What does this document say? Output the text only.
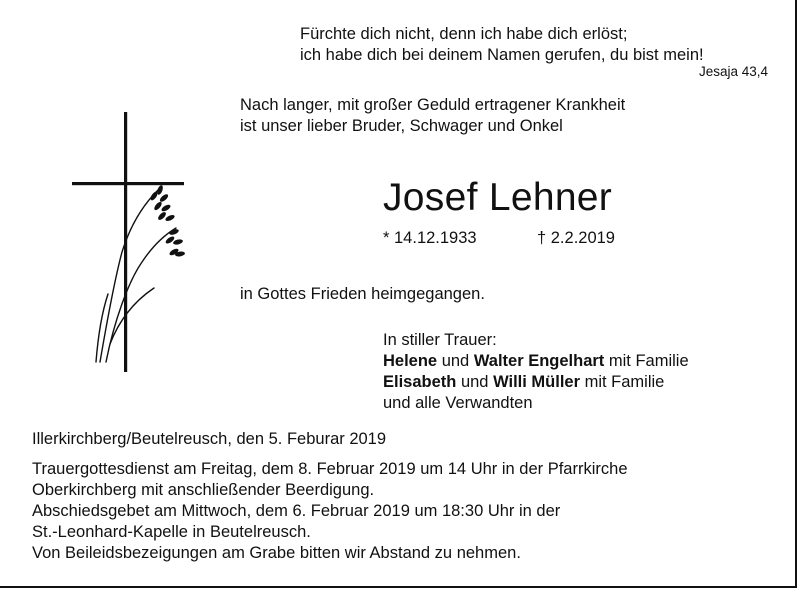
Fürchte dich nicht, denn ich habe dich erlöst;
ich habe dich bei deinem Namen gerufen, du bist mein!
Jesaja 43,4
Nach langer, mit großer Geduld ertragener Krankheit
ist unser lieber Bruder, Schwager und Onkel
Josef Lehner
* 14.12.1933	† 2.2.2019
in Gottes Frieden heimgegangen.
In stiller Trauer:
Helene und Walter Engelhart mit Familie
Elisabeth und Willi Müller mit Familie
und alle Verwandten
Illerkirchberg/Beutelreusch, den 5. Feburar 2019
Trauergottesdienst am Freitag, dem 8. Februar 2019 um 14 Uhr in der Pfarrkirche
Oberkirchberg mit anschließender Beerdigung.
Abschiedsgebet am Mittwoch, dem 6. Februar 2019 um 18:30 Uhr in der
St.-Leonhard-Kapelle in Beutelreusch.
Von Beileidsbezeigungen am Grabe bitten wir Abstand zu nehmen.
